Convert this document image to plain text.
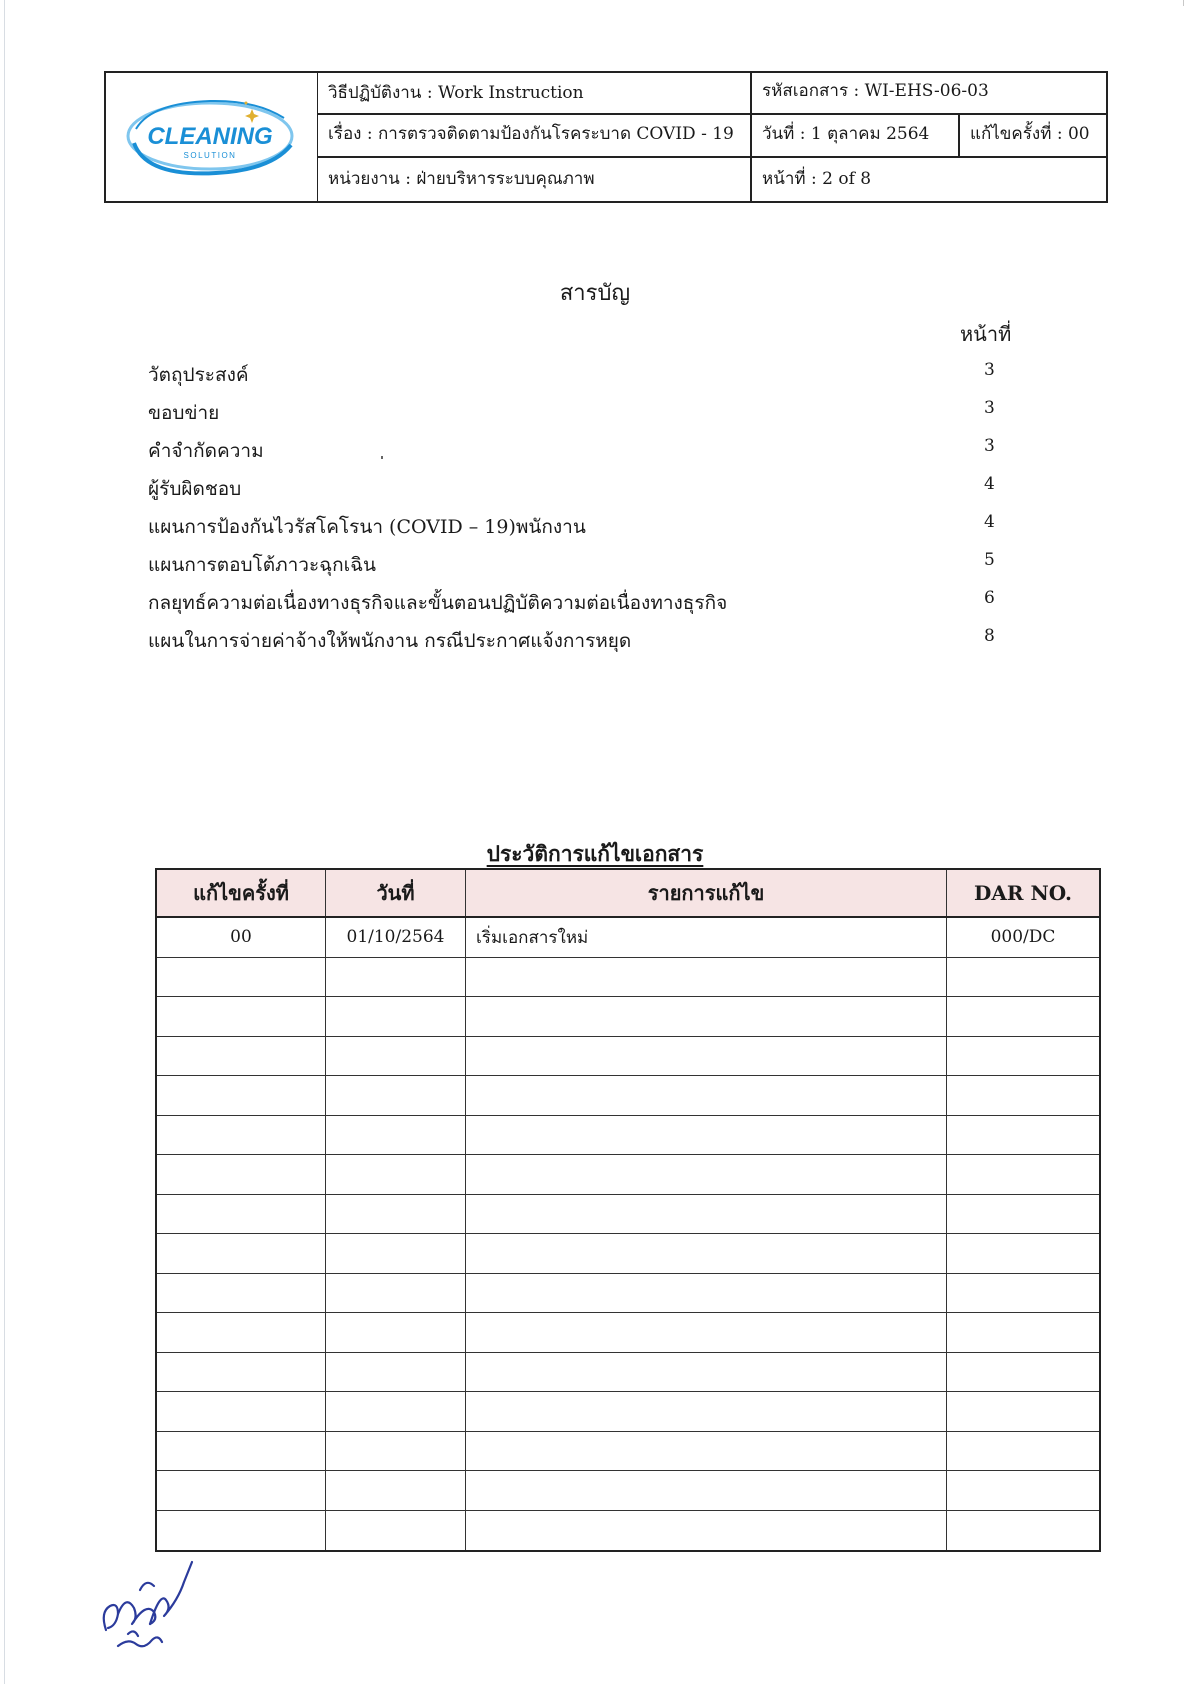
CLEANING
SOLUTION
วิธีปฏิบัติงาน : Work Instruction	รหัสเอกสาร : WI-EHS-06-03
เรื่อง : การตรวจติดตามป้องกันโรคระบาด COVID - 19 วันที่ : 1 ตุลาคม 2564 แก้ไขครั้งที่ : 00
หน่วยงาน : ฝ่ายบริหารระบบคุณภาพ	หน้าที่ : 2 of 8
สารบัญ
หน้าที่
วัตถุประสงค์	3
ขอบข่าย	3
คำจำกัดความ	3
ผู้รับผิดชอบ	4
แผนการป้องกันไวรัสโคโรนา (COVID – 19)พนักงาน	4
แผนการตอบโต้ภาวะฉุกเฉิน	5
กลยุทธ์ความต่อเนื่องทางธุรกิจและขั้นตอนปฏิบัติความต่อเนื่องทางธุรกิจ	6
แผนในการจ่ายค่าจ้างให้พนักงาน กรณีประกาศแจ้งการหยุด	8
ประวัติการแก้ไขเอกสาร
แก้ไขครั้งที่	วันที่	รายการแก้ไข	DAR NO.
00	01/10/2564	เริ่มเอกสารใหม่	000/DC
